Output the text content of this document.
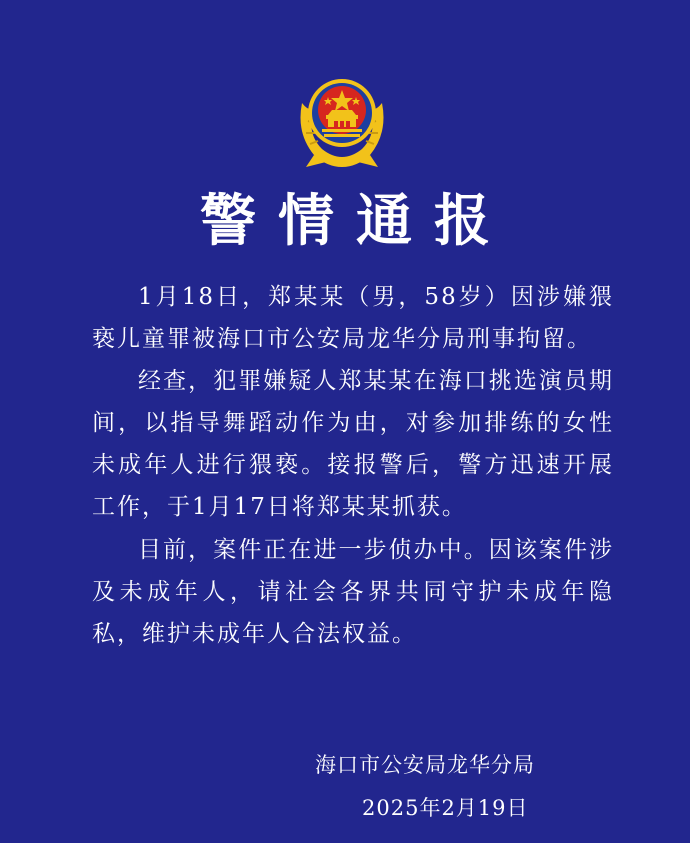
警情通报

1月18日，郑某某（男，58岁）因涉嫌猥亵儿童罪被海口市公安局龙华分局刑事拘留。

经查，犯罪嫌疑人郑某某在海口挑选演员期间，以指导舞蹈动作为由，对参加排练的女性未成年人进行猥亵。接报警后，警方迅速开展工作，于1月17日将郑某某抓获。

目前，案件正在进一步侦办中。因该案件涉及未成年人，请社会各界共同守护未成年隐私，维护未成年人合法权益。

海口市公安局龙华分局
2025年2月19日
